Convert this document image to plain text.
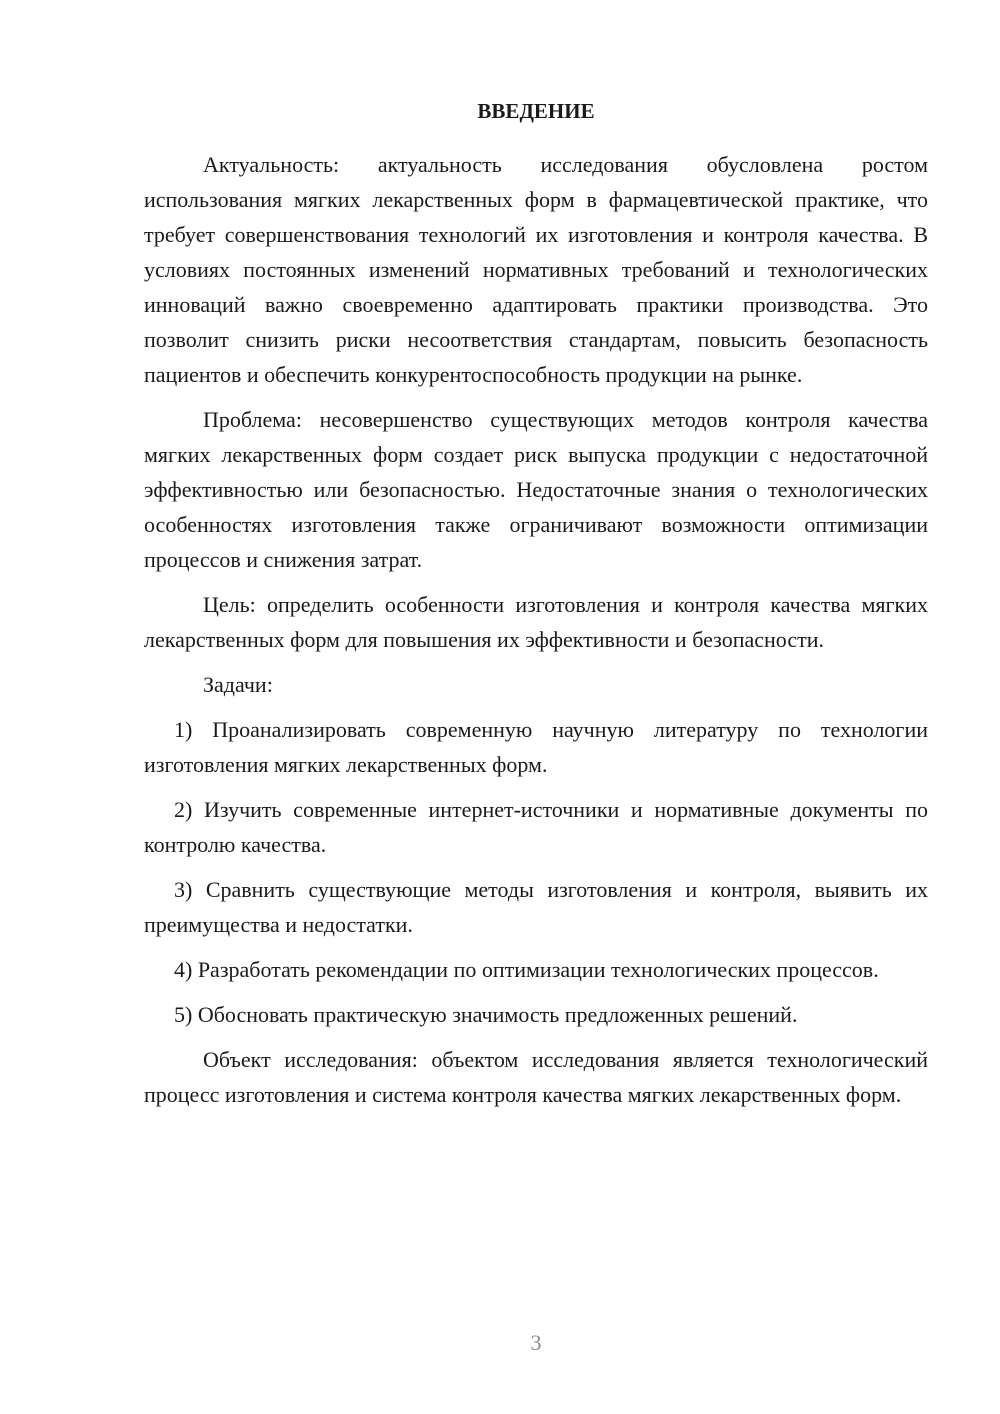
ВВЕДЕНИЕ

Актуальность: актуальность исследования обусловлена ростом использования мягких лекарственных форм в фармацевтической практике, что требует совершенствования технологий их изготовления и контроля качества. В условиях постоянных изменений нормативных требований и технологических инноваций важно своевременно адаптировать практики производства. Это позволит снизить риски несоответствия стандартам, повысить безопасность пациентов и обеспечить конкурентоспособность продукции на рынке.

Проблема: несовершенство существующих методов контроля качества мягких лекарственных форм создает риск выпуска продукции с недостаточной эффективностью или безопасностью. Недостаточные знания о технологических особенностях изготовления также ограничивают возможности оптимизации процессов и снижения затрат.

Цель: определить особенности изготовления и контроля качества мягких лекарственных форм для повышения их эффективности и безопасности.

Задачи:

1) Проанализировать современную научную литературу по технологии изготовления мягких лекарственных форм.

2) Изучить современные интернет-источники и нормативные документы по контролю качества.

3) Сравнить существующие методы изготовления и контроля, выявить их преимущества и недостатки.

4) Разработать рекомендации по оптимизации технологических процессов.

5) Обосновать практическую значимость предложенных решений.

Объект исследования: объектом исследования является технологический процесс изготовления и система контроля качества мягких лекарственных форм.

3
